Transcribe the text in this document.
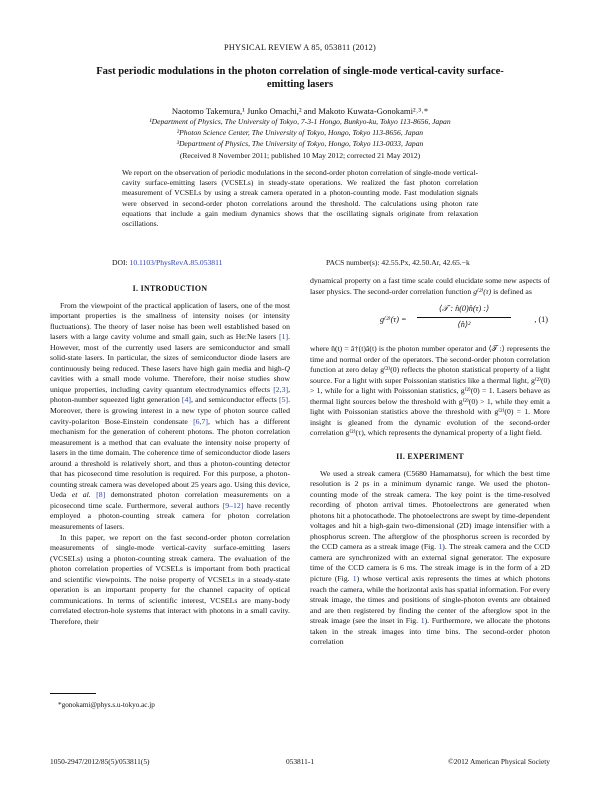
PHYSICAL REVIEW A 85, 053811 (2012)
Fast periodic modulations in the photon correlation of single-mode vertical-cavity surface-emitting lasers
Naotomo Takemura,¹ Junko Omachi,² and Makoto Kuwata-Gonokami²˒³˒*
¹Department of Physics, The University of Tokyo, 7-3-1 Hongo, Bunkyo-ku, Tokyo 113-8656, Japan
²Photon Science Center, The University of Tokyo, Hongo, Tokyo 113-8656, Japan
³Department of Physics, The University of Tokyo, Hongo, Tokyo 113-0033, Japan
(Received 8 November 2011; published 10 May 2012; corrected 21 May 2012)
We report on the observation of periodic modulations in the second-order photon correlation of single-mode vertical-cavity surface-emitting lasers (VCSELs) in steady-state operations. We realized the fast photon correlation measurement of VCSELs by using a streak camera operated in a photon-counting mode. Fast modulation signals were observed in second-order photon correlations around the threshold. The calculations using photon rate equations that include a gain medium dynamics shows that the oscillating signals originate from relaxation oscillations.
DOI: 10.1103/PhysRevA.85.053811	PACS number(s): 42.55.Px, 42.50.Ar, 42.65.−k
I. INTRODUCTION

From the viewpoint of the practical application of lasers, one of the most important properties is the smallness of intensity noises (or intensity fluctuations). The theory of laser noise has been well established based on lasers with a large cavity volume and small gain, such as He:Ne lasers [1]. However, most of the currently used lasers are semiconductor and small solid-state lasers. In particular, the sizes of semiconductor diode lasers are continuously being reduced. These lasers have high gain media and high-Q cavities with a small mode volume. Therefore, their noise studies show unique properties, including cavity quantum electrodynamics effects [2,3], photon-number squeezed light generation [4], and semiconductor effects [5]. Moreover, there is growing interest in a new type of photon source called cavity-polariton Bose-Einstein condensate [6,7], which has a different mechanism for the generation of coherent photons. The photon correlation measurement is a method that can evaluate the intensity noise property of lasers in the time domain. The coherence time of semiconductor diode lasers around a threshold is relatively short, and thus a photon-counting detector that has picosecond time resolution is required. For this purpose, a photon-counting streak camera was developed about 25 years ago. Using this device, Ueda et al. [8] demonstrated photon correlation measurements on a picosecond time scale. Furthermore, several authors [9–12] have recently employed a photon-counting streak camera for photon correlation measurements of lasers.

In this paper, we report on the fast second-order photon correlation measurements of single-mode vertical-cavity surface-emitting lasers (VCSELs) using a photon-counting streak camera. The evaluation of the photon correlation properties of VCSELs is important from both practical and scientific viewpoints. The noise property of VCSELs in a steady-state operation is an important property for the channel capacity of optical communications. In terms of scientific interest, VCSELs are many-body correlated electron-hole systems that interact with photons in a small cavity. Therefore, their

dynamical property on a fast time scale could elucidate some new aspects of laser physics. The second-order correlation function g⁽²⁾(τ) is defined as

g⁽²⁾(τ) =
⟨𝒯 : n̂(0)n̂(τ) :⟩
⟨n̂⟩²
, (1)

where n̂(t) = â†(t)â(t) is the photon number operator and ⟨𝒯 :⟩ represents the time and normal order of the operators. The second-order photon correlation function at zero delay g⁽²⁾(0) reflects the photon statistical property of a light source. For a light with super Poissonian statistics like a thermal light, g⁽²⁾(0) > 1, while for a light with Poissonian statistics, g⁽²⁾(0) = 1. Lasers behave as thermal light sources below the threshold with g⁽²⁾(0) > 1, while they emit a light with Poissonian statistics above the threshold with g⁽²⁾(0) = 1. More insight is gleaned from the dynamic evolution of the second-order correlation g⁽²⁾(τ), which represents the dynamical property of a light field.

II. EXPERIMENT

We used a streak camera (C5680 Hamamatsu), for which the best time resolution is 2 ps in a minimum dynamic range. We used the photon-counting mode of the streak camera. The key point is the time-resolved recording of photon arrival times. Photoelectrons are generated when photons hit a photocathode. The photoelectrons are swept by time-dependent voltages and hit a high-gain two-dimensional (2D) image intensifier with a phosphorus screen. The afterglow of the phosphorus screen is recorded by the CCD camera as a streak image (Fig. 1). The streak camera and the CCD camera are synchronized with an external signal generator. The exposure time of the CCD camera is 6 ms. The streak image is in the form of a 2D picture (Fig. 1) whose vertical axis represents the times at which photons reach the camera, while the horizontal axis has spatial information. For every streak image, the times and positions of single-photon events are obtained and are then registered by finding the center of the afterglow spot in the streak image (see the inset in Fig. 1). Furthermore, we allocate the photons taken in the streak images into time bins. The second-order photon correlation

*gonokami@phys.s.u-tokyo.ac.jp
1050-2947/2012/85(5)/053811(5)	053811-1	©2012 American Physical Society
